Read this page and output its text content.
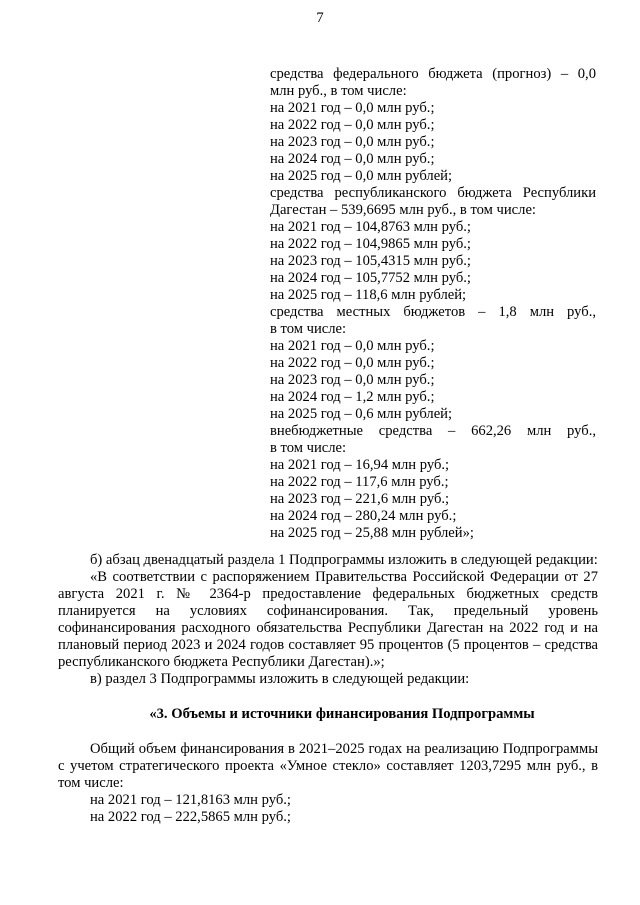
7
средства федерального бюджета (прогноз) – 0,0
млн руб., в том числе:
на 2021 год – 0,0 млн руб.;
на 2022 год – 0,0 млн руб.;
на 2023 год – 0,0 млн руб.;
на 2024 год – 0,0 млн руб.;
на 2025 год – 0,0 млн рублей;
средства республиканского бюджета Республики
Дагестан – 539,6695 млн руб., в том числе:
на 2021 год – 104,8763 млн руб.;
на 2022 год – 104,9865 млн руб.;
на 2023 год – 105,4315 млн руб.;
на 2024 год – 105,7752 млн руб.;
на 2025 год – 118,6 млн рублей;
средства местных бюджетов – 1,8 млн руб.,
в том числе:
на 2021 год – 0,0 млн руб.;
на 2022 год – 0,0 млн руб.;
на 2023 год – 0,0 млн руб.;
на 2024 год – 1,2 млн руб.;
на 2025 год – 0,6 млн рублей;
внебюджетные средства – 662,26 млн руб.,
в том числе:
на 2021 год – 16,94 млн руб.;
на 2022 год – 117,6 млн руб.;
на 2023 год – 221,6 млн руб.;
на 2024 год – 280,24 млн руб.;
на 2025 год – 25,88 млн рублей»;

б) абзац двенадцатый раздела 1 Подпрограммы изложить в следующей редакции:

«В соответствии с распоряжением Правительства Российской Федерации от 27 августа 2021 г. № 2364-р предоставление федеральных бюджетных средств планируется на условиях софинансирования. Так, предельный уровень софинансирования расходного обязательства Республики Дагестан на 2022 год и на плановый период 2023 и 2024 годов составляет 95 процентов (5 процентов – средства республиканского бюджета Республики Дагестан).»;

в) раздел 3 Подпрограммы изложить в следующей редакции:

«3. Объемы и источники финансирования Подпрограммы

Общий объем финансирования в 2021–2025 годах на реализацию Подпрограммы с учетом стратегического проекта «Умное стекло» составляет 1203,7295 млн руб., в том числе:

на 2021 год – 121,8163 млн руб.;
на 2022 год – 222,5865 млн руб.;
